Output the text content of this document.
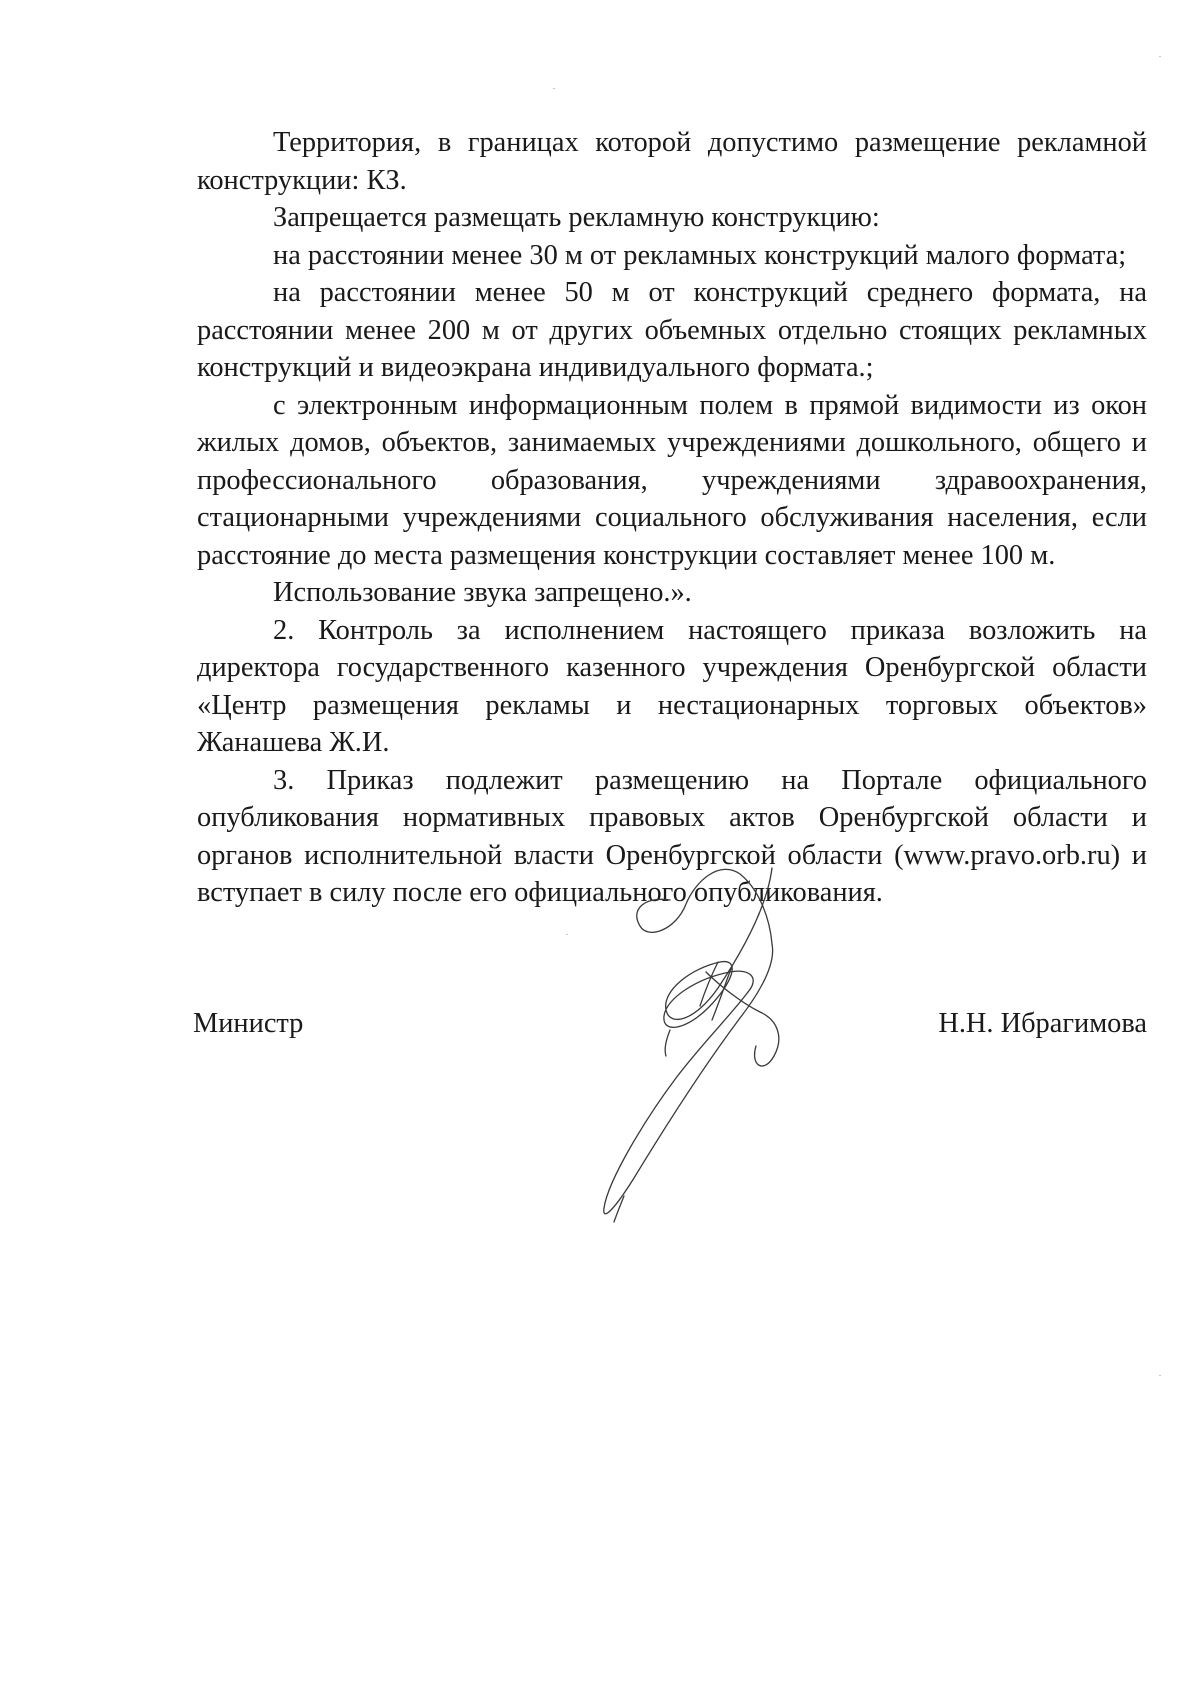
Территория, в границах которой допустимо размещение рекламной конструкции: КЗ.

Запрещается размещать рекламную конструкцию:

на расстоянии менее 30 м от рекламных конструкций малого формата;

на расстоянии менее 50 м от конструкций среднего формата, на расстоянии менее 200 м от других объемных отдельно стоящих рекламных конструкций и видеоэкрана индивидуального формата.;

с электронным информационным полем в прямой видимости из окон жилых домов, объектов, занимаемых учреждениями дошкольного, общего и профессионального образования, учреждениями здравоохранения, стационарными учреждениями социального обслуживания населения, если расстояние до места размещения конструкции составляет менее 100 м.

Использование звука запрещено.».

2. Контроль за исполнением настоящего приказа возложить на директора государственного казенного учреждения Оренбургской области «Центр размещения рекламы и нестационарных торговых объектов» Жанашева Ж.И.

3. Приказ подлежит размещению на Портале официального опубликования нормативных правовых актов Оренбургской области и органов исполнительной власти Оренбургской области (www.pravo.orb.ru) и вступает в силу после его официального опубликования.

Министр	Н.Н. Ибрагимова
